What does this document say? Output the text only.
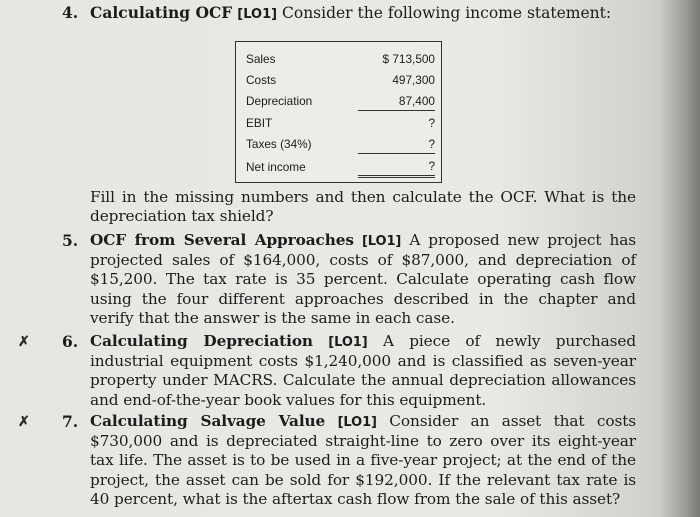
4. Calculating OCF [LO1] Consider the following income statement:
Sales	$ 713,500
Costs	497,300
Depreciation	87,400
EBIT	?
Taxes (34%)	?
Net income	?
Fill in the missing numbers and then calculate the OCF. What is the depreciation tax shield?
5. OCF from Several Approaches [LO1] A proposed new project has projected sales of $164,000, costs of $87,000, and depreciation of $15,200. The tax rate is 35 percent. Calculate operating cash flow using the four different approaches described in the chapter and verify that the answer is the same in each case.
✗ 6. Calculating Depreciation [LO1] A piece of newly purchased industrial equipment costs $1,240,000 and is classified as seven-year property under MACRS. Calculate the annual depreciation allowances and end-of-the-year book values for this equipment.
✗ 7. Calculating Salvage Value [LO1] Consider an asset that costs $730,000 and is depreciated straight-line to zero over its eight-year tax life. The asset is to be used in a five-year project; at the end of the project, the asset can be sold for $192,000. If the relevant tax rate is 40 percent, what is the aftertax cash flow from the sale of this asset?
